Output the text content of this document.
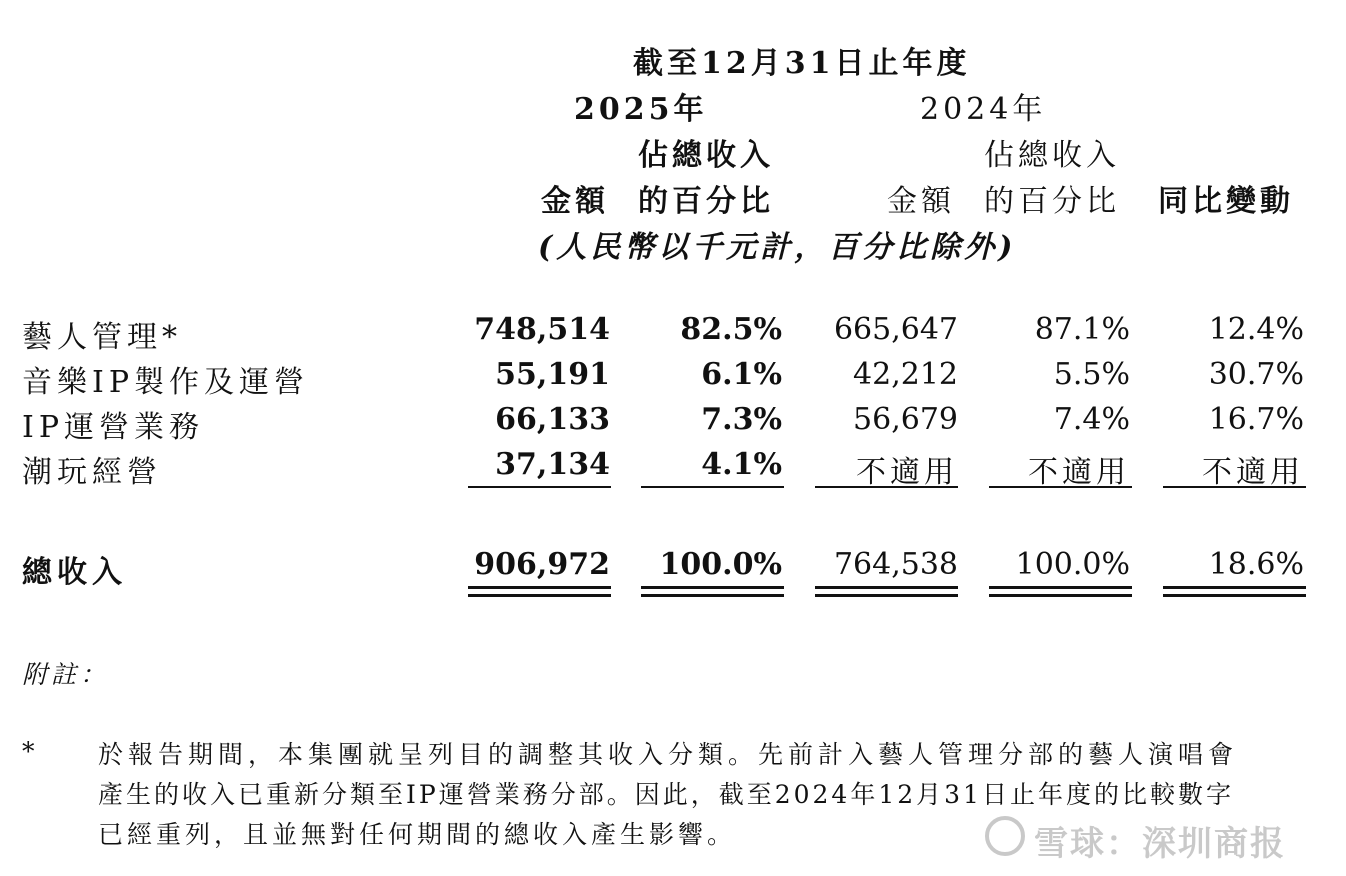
截至12月31日止年度
2025年	2024年
佔總收入	佔總收入
金額 的百分比	金額 的百分比 同比變動
(人民幣以千元計，百分比除外)
藝人管理*	748,514 82.5% 665,647	87.1%	12.4%
音樂IP製作及運營	55,191	6.1% 42,212	5.5%	30.7%
IP運營業務	66,133	7.3% 56,679	7.4%	16.7%
潮玩經營	37,134	4.1% 不適用 不適用 不適用
總收入	906,972 100.0% 764,538 100.0%	18.6%
附註：
* 於報告期間，本集團就呈列目的調整其收入分類。先前計入藝人管理分部的藝人演唱會
產生的收入已重新分類至IP運營業務分部。因此，截至2024年12月31日止年度的比較數字
已經重列，且並無對任何期間的總收入產生影響。	雪球：深圳商报
